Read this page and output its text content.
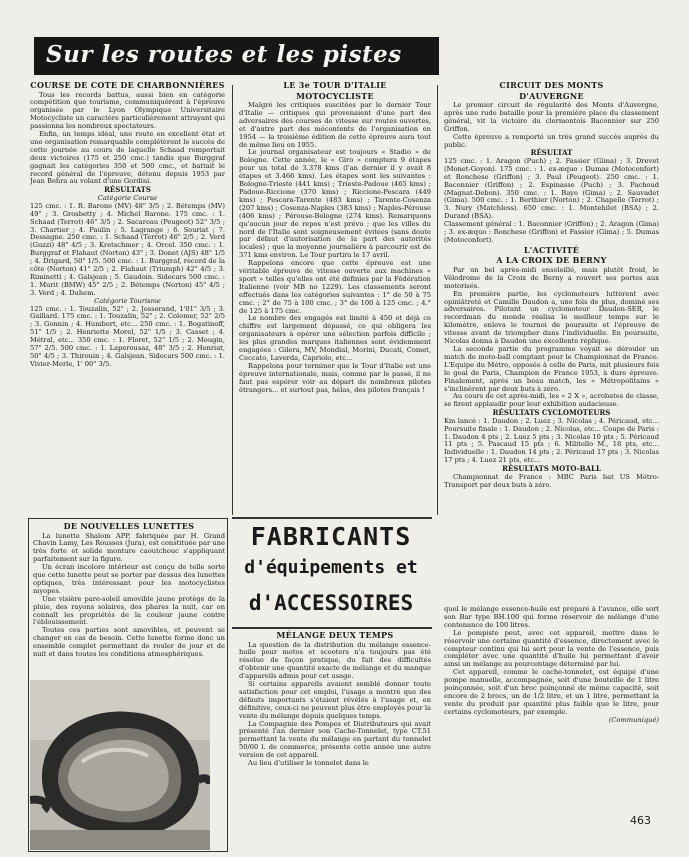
Sur les routes et les pistes

COURSE DE COTE DE CHARBONNIÈRES

Tous les records battus, aussi bien en catégorie compétition que tourisme, communiquèrent à l'épreuve organisée par le Lyon Olympique Universitaire Motocycliste un caractère particulièrement attrayant qui passionna les nombreux spectateurs.

Enfin, un temps idéal, une route en excellent état et une organisation remarquable complétèrent le succès de cette journée au cours de laquelle Schaad remportait deux victoires (175 et 250 cmc.) tandis que Burggraf gagnait les catégories 350 et 500 cmc., et battait le record général de l'épreuve, détenu depuis 1953 par Jean Behra au volant d'une Gordini.

RÉSULTATS

Catégorie Course

125 cmc. : 1. R. Barone (MV) 48" 3/5 ; 2. Bétemps (MV) 49" ; 3. Grosbetty ; 4. Michel Barone. 175 cmc. : 1. Schaad (Terrot) 46" 3/5 ; 2. Sacareau (Peugeot) 52" 3/5 ; 3. Chartier ; 4. Paulin ; 5. Lagrange ; 6. Souriat ; 7. Dessagne. 250 cmc. : 1. Schaad (Terrot) 46" 2/5 ; 2. Verd (Guzzi) 48" 4/5 ; 3. Kretschmer ; 4. Orcel. 350 cmc. : 1. Burggraf et Flahaut (Norton) 43" ; 3. Donet (AJS) 48" 1/5 ; 4. Drigard, 50" 1/5. 500 cmc. : 1. Burggraf, record de la côte (Norton) 41" 2/5 ; 2. Flahaut (Triumph) 42" 4/5 ; 3. Riminetti ; 4. Galsjean ; 5. Gaudoin. Sidecars 500 cmc. : 1. Murit (BMW) 45" 2/5 ; 2. Bétemps (Norton) 45" 4/5 ; 3. Verd ; 4. Duhem.

Catégorie Tourisme

125 cmc. : 1. Touzalin, 52" ; 2. Josserand, 1'01" 3/5 ; 3. Gaillard. 175 cmc. : 1. Touzalin, 52" ; 2. Colomer, 52" 2/5 ; 3. Gonnin ; 4. Humbert, etc... 250 cmc. : 1. Bogatinoff, 51" 1/5 ; 2. Henriette Morel, 52" 1/5 ; 3. Casset ; 4. Métral, etc... 350 cmc. : 1. Floret, 52" 1/5 ; 2. Mougin, 57" 2/5. 500 cmc. : 1. Laperousaz, 48" 3/5 ; 2. Henriat, 50" 4/5 ; 3. Thirouin ; 4. Galsjean. Sidecars 500 cmc. : 1. Vivier-Merle, 1' 00" 3/5.

LE 3e TOUR D'ITALIE

MOTOCYCLISTE

Malgré les critiques suscitées par le dernier Tour d'Italie — critiques qui provenaient d'une part des adversaires des courses de vitesse sur routes ouvertes, et d'autre part des mécontents de l'organisation en 1954 — la troisième édition de cette épreuve aura tout de même lieu en 1955.

Le journal organisateur est toujours « Stadio » de Bologne. Cette année, le « Giro » comptera 9 étapes pour un total de 3.378 kms (l'an dernier il y avait 8 étapes et 3.466 kms). Les étapes sont les suivantes : Bologne-Trieste (441 kms) ; Trieste-Padoue (465 kms) ; Padoue-Riccione (370 kms) ; Riccione-Pescara (449 kms) ; Pescara-Tarente (483 kms) ; Tarente-Cosenza (207 kms) ; Cosenza-Naples (383 kms) ; Naples-Pérouse (406 kms) ; Pérouse-Bologne (274 kms). Remarquons qu'aucun jour de repos n'est prévu ; que les villes du nord de l'Italie sont soigneusement évitées (sans doute par défaut d'autorisation de la part des autorités locales) ; que la moyenne journalière à parcourir est de 371 kms environ. Le Tour partira le 17 avril.

Rappelons encore que cette épreuve est une véritable épreuve de vitesse ouverte aux machines « sport » telles qu'elles ont été définies par la Fédération Italienne (voir MB no 1229). Les classements seront effectués dans les catégories suivantes : 1° de 50 à 75 cmc. ; 2° de 75 à 100 cmc. ; 3° de 100 à 125 cmc. ; 4.° de 125 à 175 cmc.

Le nombre des engagés est limité à 450 et déjà ce chiffre est largement dépassé, ce qui obligera les organisateurs à opérer une sélection parfois difficile ; les plus grandes marques italiennes sont évidemment engagées : Gilera, MV, Mondial, Morini, Ducati, Comet, Ceccato, Laverda, Capriolo, etc...

Rappelons pour terminer que le Tour d'Italie est une épreuve internationale, mais, comme par le passé, il ne faut pas espérer voir au départ de nombreux pilotes étrangers... et surtout pas, hélas, des pilotes français !

CIRCUIT DES MONTS

D'AUVERGNE

Le premier circuit de régularité des Monts d'Auvergne, après une rude bataille pour la première place du classement général, vit la victoire du clermontois Baconnier sur 250 Griffon.

Cette épreuve a remporté un très grand succès auprès du public.

RÉSULTAT

125 cmc. : 1. Aragon (Puch) ; 2. Fassier (Gima) ; 3. Drevet (Monet-Goyon). 175 cmc. : 1. ex-æquo : Dumas (Motoconfort) et Ronchese (Griffon) ; 3. Paul (Peugeot). 250 cmc. : 1. Baconnier (Griffon) ; 2. Espinasse (Puch) ; 3. Pachoud (Magnat-Debon). 350 cmc. : 1. Baye (Gima) ; 2. Sauvadet (Gima). 500 cmc. : 1. Berthier (Norton) ; 2. Chapelle (Terrot) ; 3. Nury (Matchless). 650 cmc. : 1. Montehilet (BSA) ; 2. Durand (BSA).

Classement général : 1. Baconnier (Griffon) ; 2. Aragon (Gima) ; 3. ex-æquo : Ronchese (Griffon) et Fassier (Gima) ; 5. Dumas (Motoconfort).

L'ACTIVITÉ

A LA CROIX DE BERNY

Par un bel après-midi ensoleillé, mais plutôt froid, le Vélodrome de la Croix de Berny a rouvert ses portes aux motorisés.

En première partie, les cyclomoteurs luttèrent avec opiniâtreté et Camille Daudon a, une fois de plus, dominé ses adversaires. Pilotant un cyclomoteur Daudon-SER, le recordman du monde réalisa le meilleur temps sur le kilomètre, enleva le tournoi de poursuite et l'épreuve de vitesse avant de triompher dans l'individuelle. En poursuite, Nicolas donna à Daudon une excellente réplique.

La seconde partie du programme voyait se dérouler un match de moto-ball comptant pour le Championnat de France. L'Equipe du Métro, opposée à celle de Paris, mit plusieurs fois le goal de Paris, Champion de France 1953, à dure épreuve. Finalement, après un beau match, les « Métropolitains » s'inclinèrent par deux buts à zéro.

Au cours de cet après-midi, les « 2 X », acrobates de classe, se firent applaudir pour leur exhibition audacieuse.

RÉSULTATS CYCLOMOTEURS

Km lancé : 1. Daudon ; 2. Luez ; 3. Nicolas ; 4. Péricaud, etc... Poursuite finale : 1. Daudon ; 2. Nicolas, etc... Coupe de Paris : 1. Daudon 4 pts ; 2. Luez 5 pts ; 3. Nicolas 10 pts ; 5. Péricaud 11 pts ; 5. Pascaud 15 pts ; 6. Militello M., 18 pts, etc... Individuelle : 1. Daudon 14 pts ; 2. Péricaud 17 pts ; 3. Nicolas 17 pts ; 4. Luez 21 pts, etc...

RÉSULTATS MOTO-BALL

Championnat de France : MBC Paris bat US Métro-Transport par deux buts à zéro.

DE NOUVELLES LUNETTES

La lunette Shalom APP, fabriquée par H. Grand Chavin Lamy, Les Rousses (Jura), est constituée par une très forte et solide monture caoutchouc s'appliquant parfaitement sur la figure.

Un écran incolore intérieur est conçu de telle sorte que cette lunette peut se porter par dessus des lunettes optiques, très intéressant pour les motocyclistes myopes.

Une visière pare-soleil amovible jaune protège de la pluie, des rayons solaires, des phares la nuit, car on connaît les propriétés de la couleur jaune contre l'éblouissement.

Toutes ces parties sont amovibles, et peuvent se changer en cas de besoin. Cette lunette forme donc un ensemble complet permettant de rouler de jour et de nuit et dans toutes les conditions atmosphériques.

FABRICANTS
d'équipements et
d'ACCESSOIRES

MÉLANGE DEUX TEMPS

La question de la distribution du mélange essence-huile pour motos et scooters n'a toujours pas été résolue de façon pratique, du fait des difficultés d'obtenir une quantité exacte de mélange et du manque d'appareils admis pour cet usage.

Si certains appareils avaient semblé donner toute satisfaction pour cet emploi, l'usage a montré que des défauts importants s'étaient révélés à l'usage et, en définitive, ceux-ci ne peuvent plus être employés pour la vente du mélange depuis quelques temps.

La Compagnie des Pompes et Distributeurs qui avait présenté l'an dernier son Cache-Tonnelet, type CT.51 permettant la vente du mélange en partant du tonnelet 50/60 l. de commerce, présente cette année une autre version de cet appareil.

Au lieu d'utiliser le tonnelet dans le

quel le mélange essence-huile est préparé à l'avance, elle sort son Bar type BH.100 qui forme réservoir de mélange d'une contenance de 100 litres.

Le pompiste peut, avec cet appareil, mettre dans le réservoir une certaine quantité d'essence, directement avec le compteur continu qui lui sert pour la vente de l'essence, puis compléter avec une quantité d'huile lui permettant d'avoir ainsi un mélange au pourcentage déterminé par lui.

Cet appareil, comme le cache-tonnelet, est équipé d'une pompe manuelle, accompagnée, soit d'une bouteille de 1 litre poinçonnée, soit d'un broc poinçonné de même capacité, soit encore de 2 brocs, un de 1/2 litre, et un 1 litre, permettant la vente du produit par quantité plus faible que le litre, pour certains cyclomoteurs, par exemple.

(Communiqué)

463
